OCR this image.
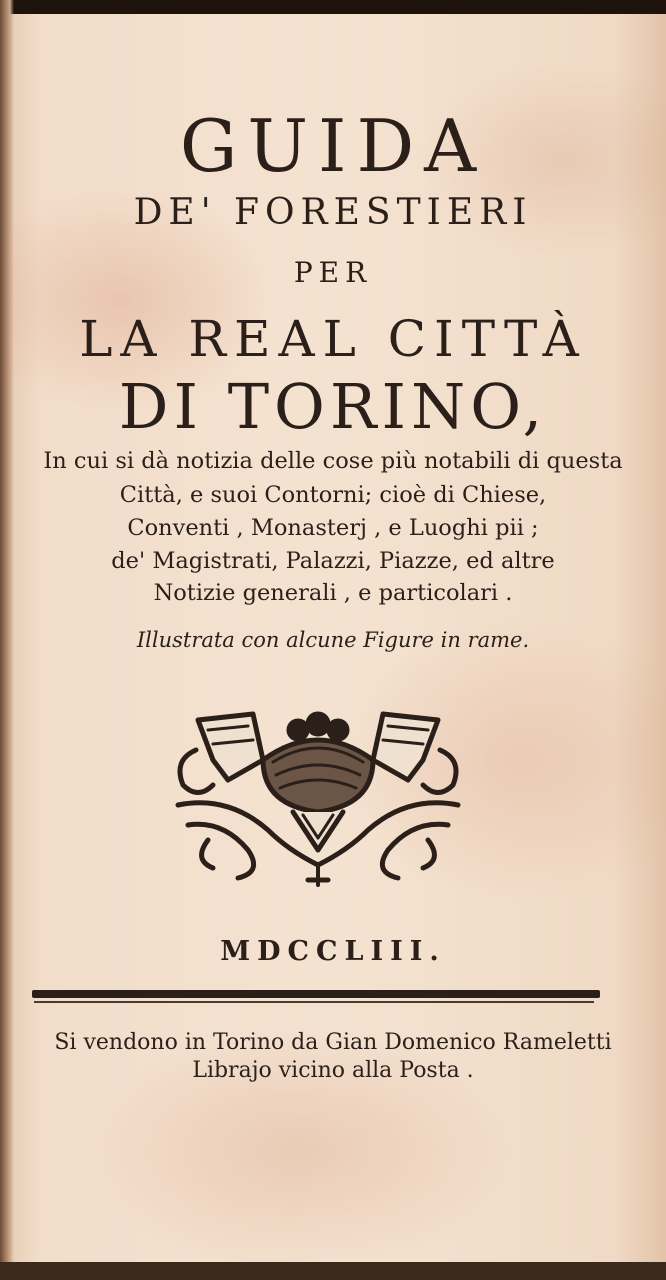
GUIDA
DE' FORESTIERI
PER
LA REAL CITTÀ
DI TORINO,
In cui si dà notizia delle cose più notabili di questa
Città, e suoi Contorni; cioè di Chiese,
Conventi , Monasterj , e Luoghi pii ;
de' Magistrati, Palazzi, Piazze, ed altre
Notizie generali , e particolari .
Illustrata con alcune Figure in rame.
MDCCLIII.
Si vendono in Torino da Gian Domenico Rameletti
Librajo vicino alla Posta .
